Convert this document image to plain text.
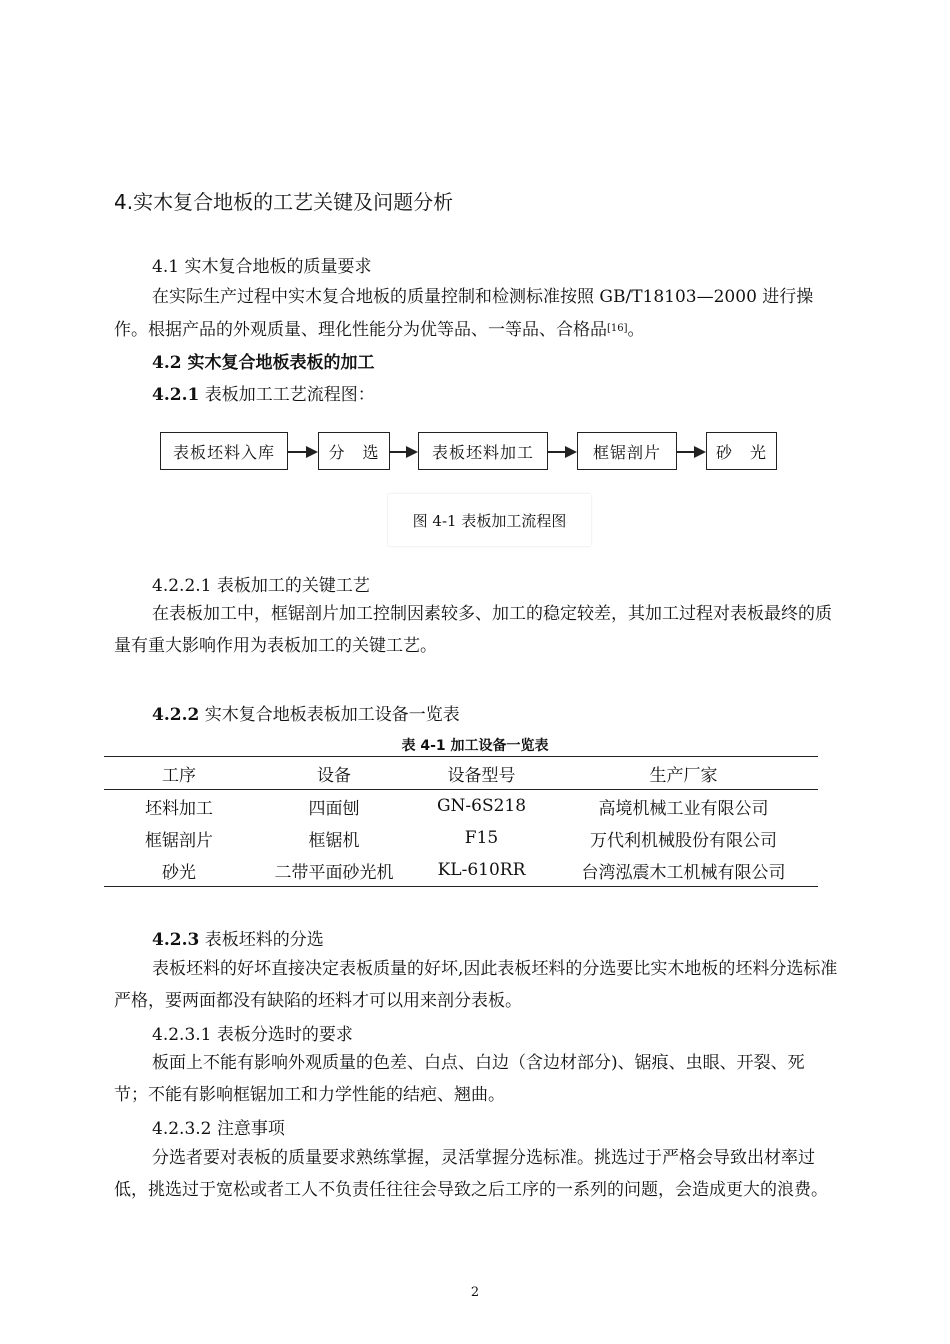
4.实木复合地板的工艺关键及问题分析
4.1 实木复合地板的质量要求
在实际生产过程中实木复合地板的质量控制和检测标准按照 GB/T18103—2000 进行操作。根据产品的外观质量、理化性能分为优等品、一等品、合格品[16]。
4.2 实木复合地板表板的加工
4.2.1 表板加工工艺流程图：
表板坯料入库	分　选	表板坯料加工	框锯剖片	砂　光
图 4-1 表板加工流程图
4.2.2.1 表板加工的关键工艺
在表板加工中，框锯剖片加工控制因素较多、加工的稳定较差，其加工过程对表板最终的质量有重大影响作用为表板加工的关键工艺。
4.2.2 实木复合地板表板加工设备一览表
表 4-1 加工设备一览表
工序	设备	设备型号	生产厂家
坯料加工	四面刨	GN-6S218	高境机械工业有限公司
框锯剖片	框锯机	F15	万代利机械股份有限公司
砂光	二带平面砂光机	KL-610RR	台湾泓震木工机械有限公司
4.2.3 表板坯料的分选
表板坯料的好坏直接决定表板质量的好坏,因此表板坯料的分选要比实木地板的坯料分选标准严格，要两面都没有缺陷的坯料才可以用来剖分表板。
4.2.3.1 表板分选时的要求
板面上不能有影响外观质量的色差、白点、白边（含边材部分)、锯痕、虫眼、开裂、死节；不能有影响框锯加工和力学性能的结疤、翘曲。
4.2.3.2 注意事项
分选者要对表板的质量要求熟练掌握，灵活掌握分选标准。挑选过于严格会导致出材率过低，挑选过于宽松或者工人不负责任往往会导致之后工序的一系列的问题，会造成更大的浪费。
2
